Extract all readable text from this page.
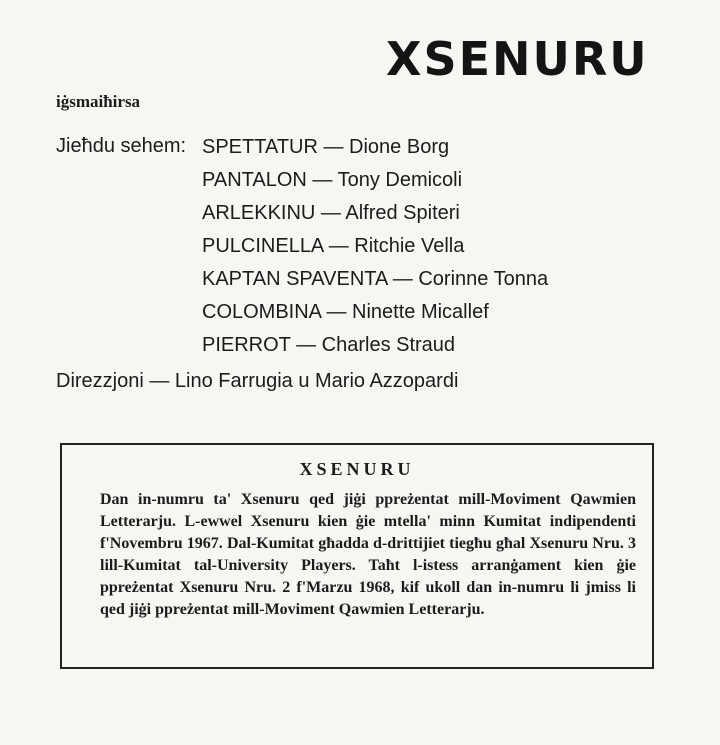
XSENURU
iġsmaiħirsa
Jieħdu sehem: SPETTATUR — Dione Borg
PANTALON — Tony Demicoli
ARLEKKINU — Alfred Spiteri
PULCINELLA — Ritchie Vella
KAPTAN SPAVENTA — Corinne Tonna
COLOMBINA — Ninette Micallef
PIERROT — Charles Straud
Direzzjoni — Lino Farrugia u Mario Azzopardi
XSENURU

Dan in-numru ta' Xsenuru qed jiġi ppreżentat mill-Moviment Qawmien Letterarju. L-ewwel Xsenuru kien ġie mtella' minn Kumitat indipendenti f'Novembru 1967. Dal-Kumitat għadda d-drittijiet tiegħu għal Xsenuru Nru. 3 lill-Kumitat tal-University Players. Taħt l-istess arranġament kien ġie ppreżentat Xsenuru Nru. 2 f'Marzu 1968, kif ukoll dan in-numru li jmiss li qed jiġi ppreżentat mill-Moviment Qawmien Letterarju.
